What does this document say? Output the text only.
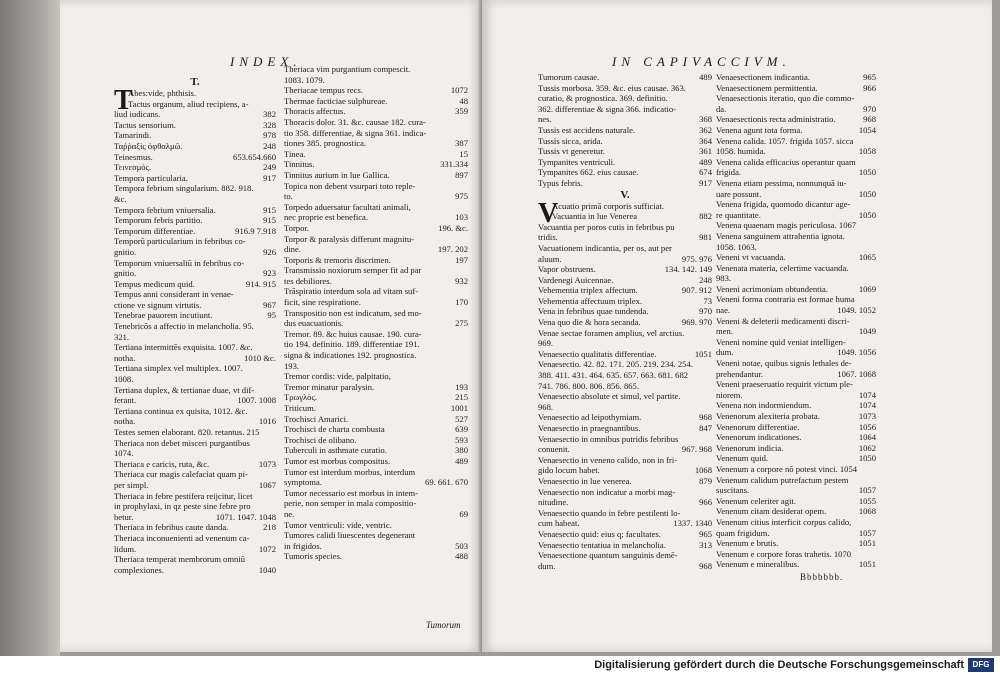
INDEX.
T.
T
Abes:vide, phthisis.
Tactus organum, aliud recipiens, a-
liud iudicans.	382
Tactus sensorium.	328
Tamarindi.	978
Ταῤῥαξὶς ὀφθαλμῶ.	248
Teinesmus.	653.654.660
Τεινεσμὸς.	249
Tempora particularia.	917
Tempora febrium singularium. 882. 918.
&c.
Tempora febrium vniuersalia.	915
Temporum febris partitio.	915
Temporum differentiae.	916.9 7.918
Temporū particularium in febribus co-
gnitio.	926
Temporum vniuersaliū in febribus co-
gnitio.	923
Tempus medicum quid.	914. 915
Tempus anni considerant in venae-
ctione ve signum virtutis.	967
Tenebrae pauorem incutiunt.	95
Tenebricōs a affectio in melancholia. 95.
321.
Tertiana intermittēs exquisita. 1007. &c.
notha.	1010 &c.
Tertiana simplex vel multiplex. 1007.
1008.
Tertiana duplex, & tertianae duae, vt dif-
ferant.	1007. 1008
Tertiana continua ex quisita, 1012. &c.
notha.	1016
Testes semen elaborant. 820. retantus. 215
Theriaca non debet misceri purgantibus
1074.
Theriaca e caricis, ruta, &c.	1073
Theriaca cur magis calefaciat quam pi-
per simpl.	1067
Theriaca in febre pestifera reijcitur, licet
in prophylaxi, in qz peste sine febre pro
betur.	1071. 1047. 1048
Theriaca in febribus caute danda.	218
Theriaca inconuenienti ad venenum ca-
lidum.	1072
Theriaca temperat membrorum omniū
complexiones.	1040
Theriaca vim purgantium compescit.
1083. 1079.
Theriacae tempus recs.	1072
Thermae facticiae sulphureae.	48
Thoracis affectus.	359
Thoracis dolor. 31. &c. causae 182. cura-
tio 358. differentiae, & signa 361. indica-
tiones 385. prognostica.	387
Tinea.	15
Tinnitus.	331.334
Tinnitus aurium in lue Gallica.	897
Topica non debent vsurpari toto reple-
to.	975
Torpedo aduersatur facultati animali,
nec proprie est benefica.	103
Torpor.	196. &c.
Torpor & paralysis differunt magnitu-
dine.	197. 202
Torporis & tremoris discrimen.	197
Transmissio noxiorum semper fit ad par
tes debiliores.	932
Trāspiratio interdum sola ad vitam suf-
ficit, sine respiratione.	170
Transpositio non est indicatum, sed mo-
dus euacuationis.	275
Tremor. 89. &c huius causae. 190. cura-
tio 194. definitio. 189. differentiae 191.
signa & indicationes 192. prognostica.
193.
Tremor cordis: vide, palpitatio,
Tremor minatur paralysin.	193
Τρωγλὸς.	215
Triticum.	1001
Trochisci Amarici.	527
Trochisci de charta combusta	639
Trochisci de olibano.	593
Tuberculi in asthmate curatio.	380
Tumor est morbus compositus.	489
Tumor est interdum morbus, interdum
symptoma.	69. 661. 670
Tumor necessario est morbus in intem-
perie, non semper in mala compositio-
ne.	69
Tumor ventriculi: vide, ventric.
Tumores calidi liuescentes degenerant
in frigidos.	503
Tumoris species.	488
Tumorum
IN CAPIVACCIVM.
Tumorum causae.	489
Tussis morbosa. 359. &c. eius causae. 363.
curatio, & prognostica. 369. definitio.
362. differentiae & signa 366. indicatio-
nes.	368
Tussis est accidens naturale.	362
Tussis sicca, arida.	364
Tussis vt generetur.	361
Tympanites ventriculi.	489
Tympanites 662. eius causae.	674
Typus febris.	917
V.
V
Acuatio primā corporis sufficiat.
Vacuantia in lue Venerea	882
Vacuantia per poros cutis in febribus pu
tridis.	981
Vacuationem indicantia, per os, aut per
aluum.	975. 976
Vapor obstruens.	134. 142. 149
Vardenegi Auicennae.	248
Vehementia triplex affectum.	907. 912
Vehementia affectuum triplex.	73
Vena in febribus quae tundenda.	970
Vena quo die & hora secanda.	969. 970
Venae sectae foramen amplius, vel arctius.
969.
Venaesectio qualitatis differentiae.	1051
Venaesectio. 42. 82. 171. 205. 219. 234. 254.
388. 411. 431. 464. 635. 657. 663. 681. 682
741. 786. 800. 806. 856. 865.
Venaesectio absolute et simul, vel partite.
968.
Venaesectio ad leipothymiam.	968
Venaesectio in praegnantibus.	847
Venaesectio in omnibus putridis febribus
conuenit.	967. 968
Venaesectio in veneno calido, non in fri-
gido locum habet.	1068
Venaesectio in lue venerea.	879
Venaesectio non indicatur a morbi mag-
nitudine.	966
Venaesectio quando in febre pestilenti lo-
cum habeat.	1337. 1340
Venaesectio quid: eius q; facultates.	965
Venaesectio tentatiua in melancholia.	313
Venaesectione quantum sanguinis demē-
dum.	968
Venaesectionem indicantia.	965
Venaesectionem permittentia.	966
Venaesectionis iteratio, quo die commo-
da.	970
Venaesectionis recta administratio.	968
Venena agunt tota forma.	1054
Venena calida. 1057. frigida 1057. sicca
1058. humida.	1058
Venena calida efficacius operantur quam
frigida.	1050
Venena etiam pessima, nonnunquā iu-
uare possunt.	1050
Venena frigida, quomodo dicantur age-
re quantitate.	1050
Venena quaenam magis periculosa. 1067
Venena sanguinem attrahentia ignota.
1058. 1063.
Veneni vt vacuanda.	1065
Venenata materia, celertime vacuanda.
983.
Veneni acrimoniam obtundentia.	1069
Veneni forma contraria est formae huma
nae.	1049. 1052
Veneni & deleterii medicamenti discri-
men.	1049
Veneni nomine quid veniat intelligen-
dum.	1049. 1056
Veneni notae, quibus signis lethales de-
prehendantur.	1067. 1068
Veneni praeseruatio requirit victum ple-
niorem.	1074
Venena non indormiendum.	1074
Venenorum alexiteria probata.	1073
Venenorum differentiae.	1056
Venenorum indicationes.	1064
Venenorum indicia.	1062
Venenum quid.	1050
Venenum a corpore nō potest vinci. 1054
Venenum calidum putrefactum pestem
suscitans.	1057
Venenum celeriter agit.	1055
Venenum citam desiderat opem.	1068
Venenum citius interficit corpus calido,
quam frigidum.	1057
Venenum e brutis.	1051
Venenum e corpore foras trahetis. 1070
Venenum e mineralibus.	1051
Bbbbbbb.
Digitalisierung gefördert durch die Deutsche Forschungsgemeinschaft	DFG
